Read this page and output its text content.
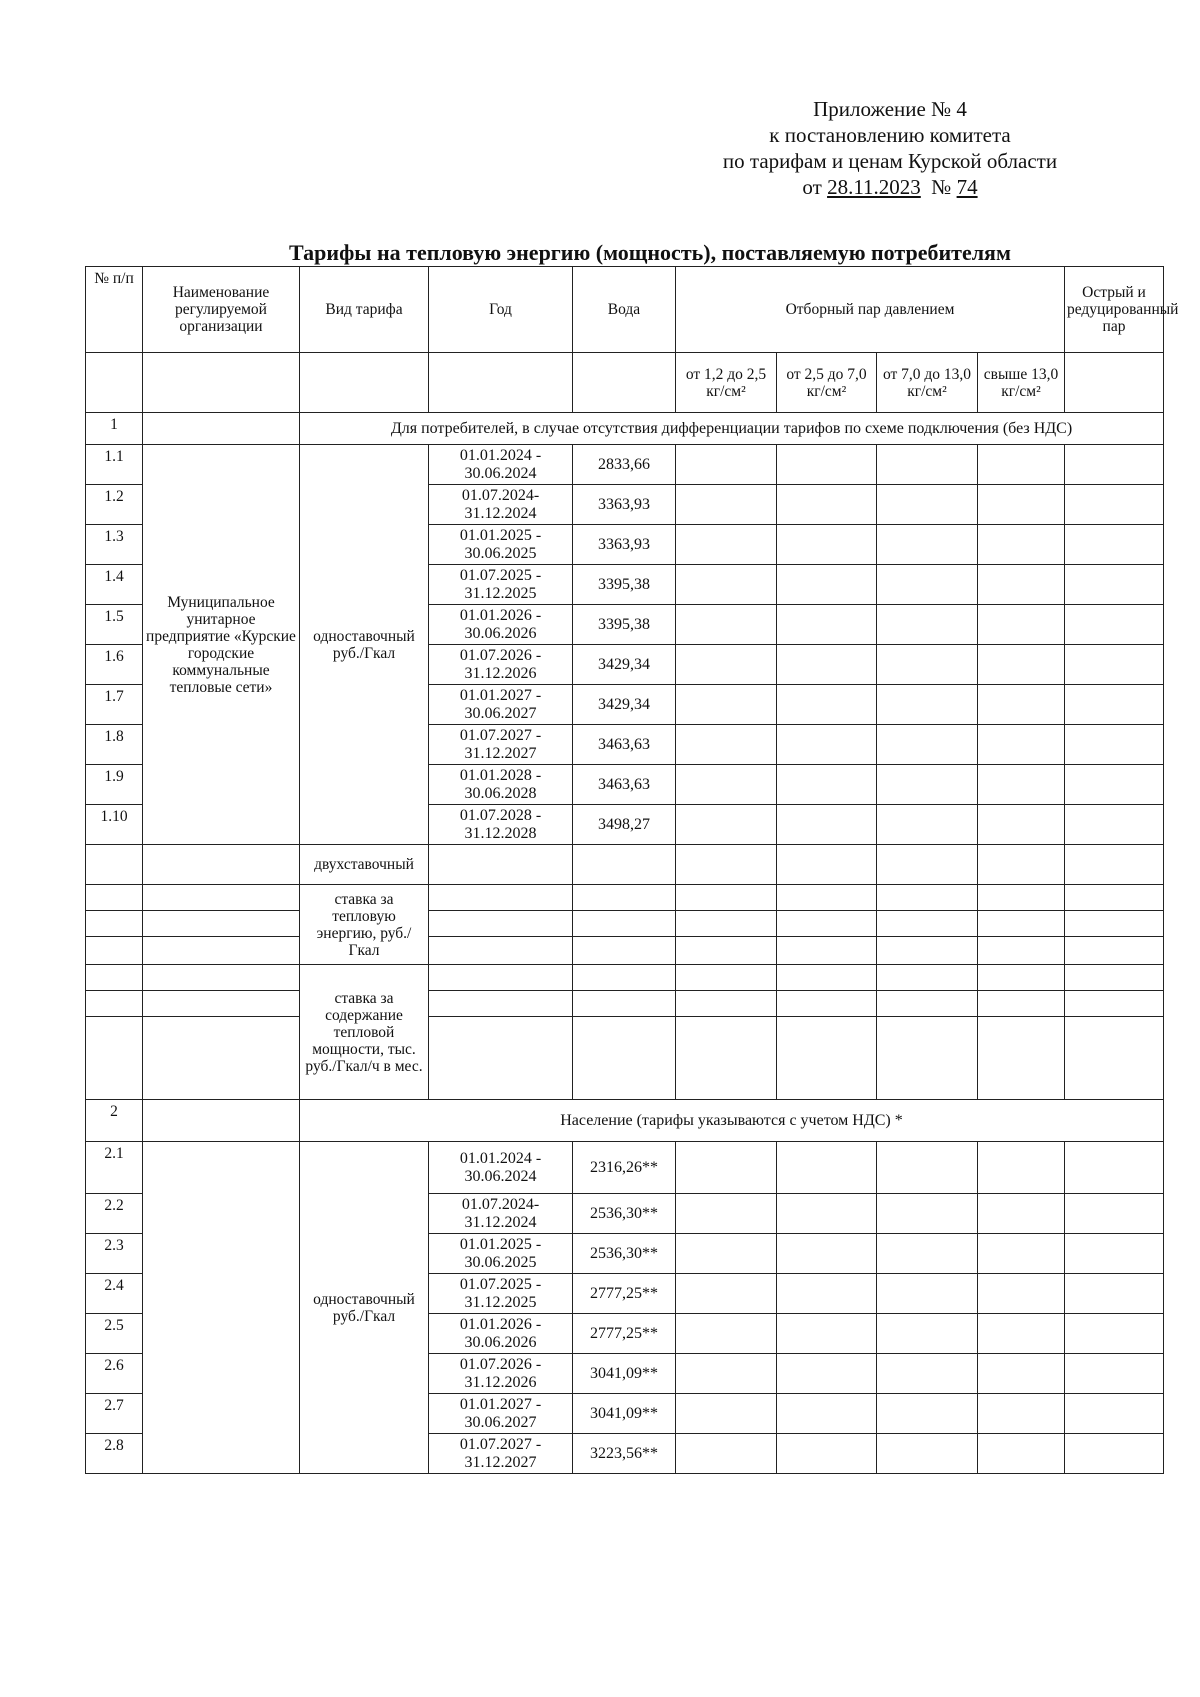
Приложение № 4
к постановлению комитета
по тарифам и ценам Курской области
от 28.11.2023 № 74
Тарифы на тепловую энергию (мощность), поставляемую потребителям
№ п/п	Наименование регулируемой организации	Вид тарифа	Год	Вода	Отборный пар давлением				Острый и редуцированный пар
					от 1,2 до 2,5 кг/см²	от 2,5 до 7,0 кг/см²	от 7,0 до 13,0 кг/см²	свыше 13,0 кг/см²	
1		Для потребителей, в случае отсутствия дифференциации тарифов по схеме подключения (без НДС)							
1.1	Муниципальное унитарное предприятие «Курские городские коммунальные тепловые сети»	одноставочный руб./Гкал	01.01.2024 - 30.06.2024	2833,66					
1.2			01.07.2024- 31.12.2024	3363,93					
1.3			01.01.2025 - 30.06.2025	3363,93					
1.4			01.07.2025 - 31.12.2025	3395,38					
1.5			01.01.2026 - 30.06.2026	3395,38					
1.6			01.07.2026 - 31.12.2026	3429,34					
1.7			01.01.2027 - 30.06.2027	3429,34					
1.8			01.07.2027 - 31.12.2027	3463,63					
1.9			01.01.2028 - 30.06.2028	3463,63					
1.10			01.07.2028 - 31.12.2028	3498,27					
		двухставочный							
		ставка за тепловую энергию, руб./Гкал							

		ставка за содержание тепловой мощности, тыс. руб./Гкал/ч в мес.							

2		Население (тарифы указываются с учетом НДС) *							
2.1		одноставочный руб./Гкал	01.01.2024 - 30.06.2024	2316,26**					
2.2			01.07.2024- 31.12.2024	2536,30**					
2.3			01.01.2025 - 30.06.2025	2536,30**					
2.4			01.07.2025 - 31.12.2025	2777,25**					
2.5			01.01.2026 - 30.06.2026	2777,25**					
2.6			01.07.2026 - 31.12.2026	3041,09**					
2.7			01.01.2027 - 30.06.2027	3041,09**					
2.8			01.07.2027 - 31.12.2027	3223,56**					
